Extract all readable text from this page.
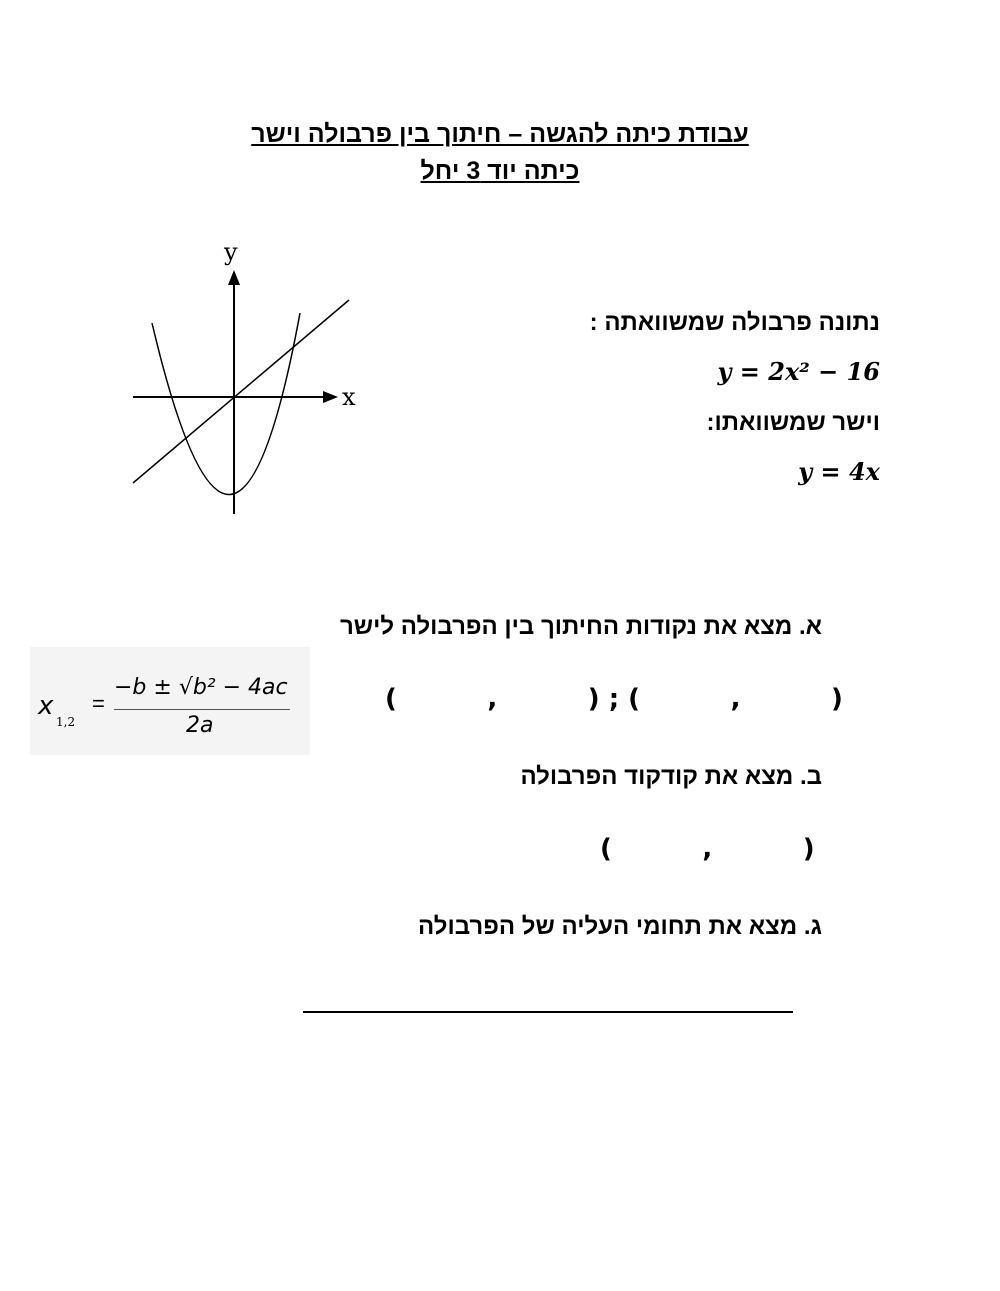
עבודת כיתה להגשה – חיתוך בין פרבולה וישר
כיתה יוד 3 יחל
y
x
נתונה פרבולה שמשוואתה :
y = 2x² − 16
וישר שמשוואתו:
y = 4x
א. מצא את נקודות החיתוך בין הפרבולה לישר
x
1,2
=
−b ± √b² − 4ac
2a
(          ,          ) ; (          ,          )
ב. מצא את קודקוד הפרבולה
(          ,          )
ג. מצא את תחומי העליה של הפרבולה
